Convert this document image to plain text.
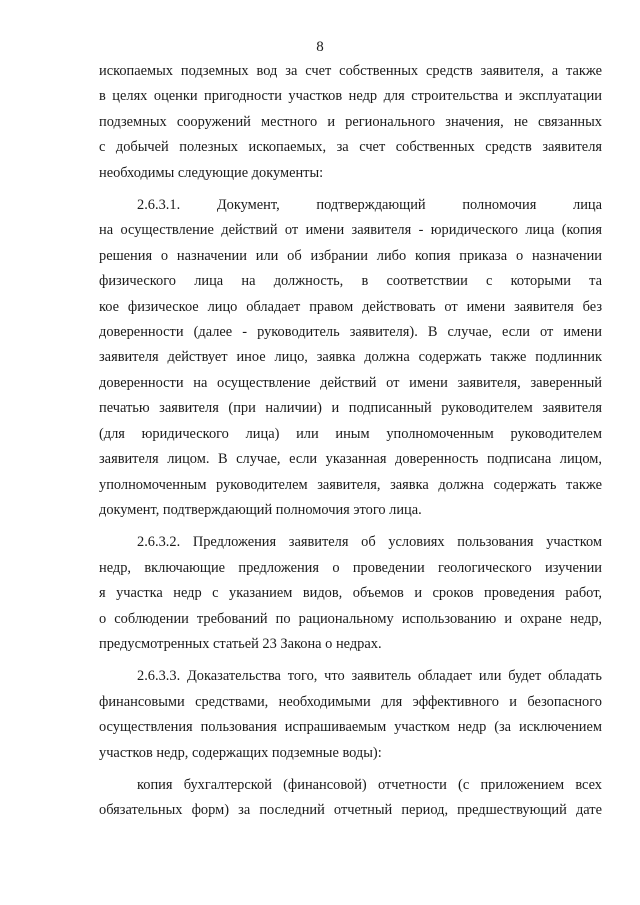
8
ископаемых подземных вод за счет собственных средств заявителя, а также
в целях оценки пригодности участков недр для строительства и эксплуатации
подземных сооружений местного и регионального значения, не связанных
с добычей полезных ископаемых, за счет собственных средств заявителя
необходимы следующие документы:
2.6.3.1. Документ, подтверждающий полномочия лица
на осуществление действий от имени заявителя - юридического лица (копия
решения о назначении или об избрании либо копия приказа о назначении
физического лица на должность, в соответствии с которыми та
кое физическое лицо обладает правом действовать от имени заявителя без
доверенности (далее - руководитель заявителя). В случае, если от имени
заявителя действует иное лицо, заявка должна содержать также подлинник
доверенности на осуществление действий от имени заявителя, заверенный
печатью заявителя (при наличии) и подписанный руководителем заявителя
(для юридического лица) или иным уполномоченным руководителем
заявителя лицом. В случае, если указанная доверенность подписана лицом,
уполномоченным руководителем заявителя, заявка должна содержать также
документ, подтверждающий полномочия этого лица.
2.6.3.2. Предложения заявителя об условиях пользования участком
недр, включающие предложения о проведении геологического изучении
я участка недр с указанием видов, объемов и сроков проведения работ,
о соблюдении требований по рациональному использованию и охране недр,
предусмотренных статьей 23 Закона о недрах.
2.6.3.3. Доказательства того, что заявитель обладает или будет обладать
финансовыми средствами, необходимыми для эффективного и безопасного
осуществления пользования испрашиваемым участком недр (за исключением
участков недр, содержащих подземные воды):
копия бухгалтерской (финансовой) отчетности (с приложением всех
обязательных форм) за последний отчетный период, предшествующий дате
